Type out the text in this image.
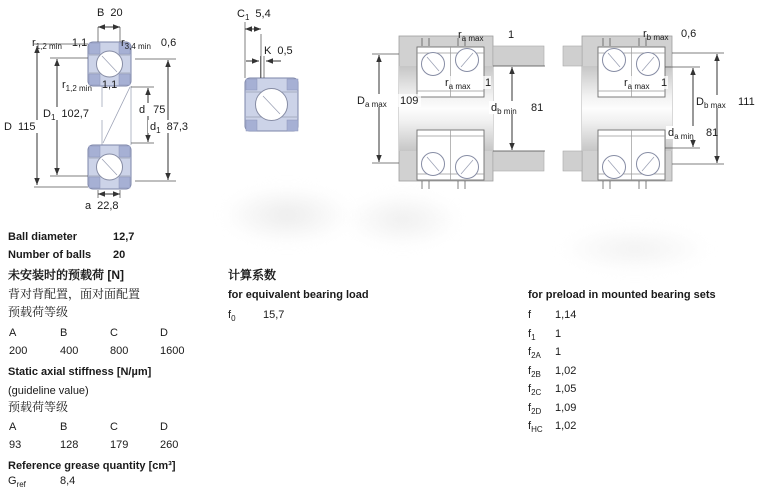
B 20
$r_{1,2 min}$ 1,1	$r_{3,4 min}$ 0,6
D 115
$D_1$ 102,7
$r_{1,2 min}$ 1,1
d 75
$d_1$ 87,3
a 22,8
$C_1$ 5,4
K 0,5
$D_{a max}$ 109
$d_{b min}$ 81
$r_{a max}$ 1
$r_{a max}$ 1
$r_{b max}$ 0,6
$r_{a max}$ 1
$D_{b max}$ 111
$d_{a min}$ 81
Ball diameter	12,7
Number of balls 20
未安装时的预载荷 [N]
背对背配置，面对面配置
预载荷等级
A	B	C	D
200	400	800	1600
Static axial stiffness [N/µm]
(guideline value)
预载荷等级
A	B	C	D
93	128	179	260
Reference grease quantity [cm³]
$G_{ref}$	8,4
计算系数
for equivalent bearing load
$f_0$ 15,7
for preload in mounted bearing sets
f 1,14
$f_1$ 1
$f_{2A}$ 1
$f_{2B}$ 1,02
$f_{2C}$ 1,05
$f_{2D}$ 1,09
$f_{HC}$ 1,02
